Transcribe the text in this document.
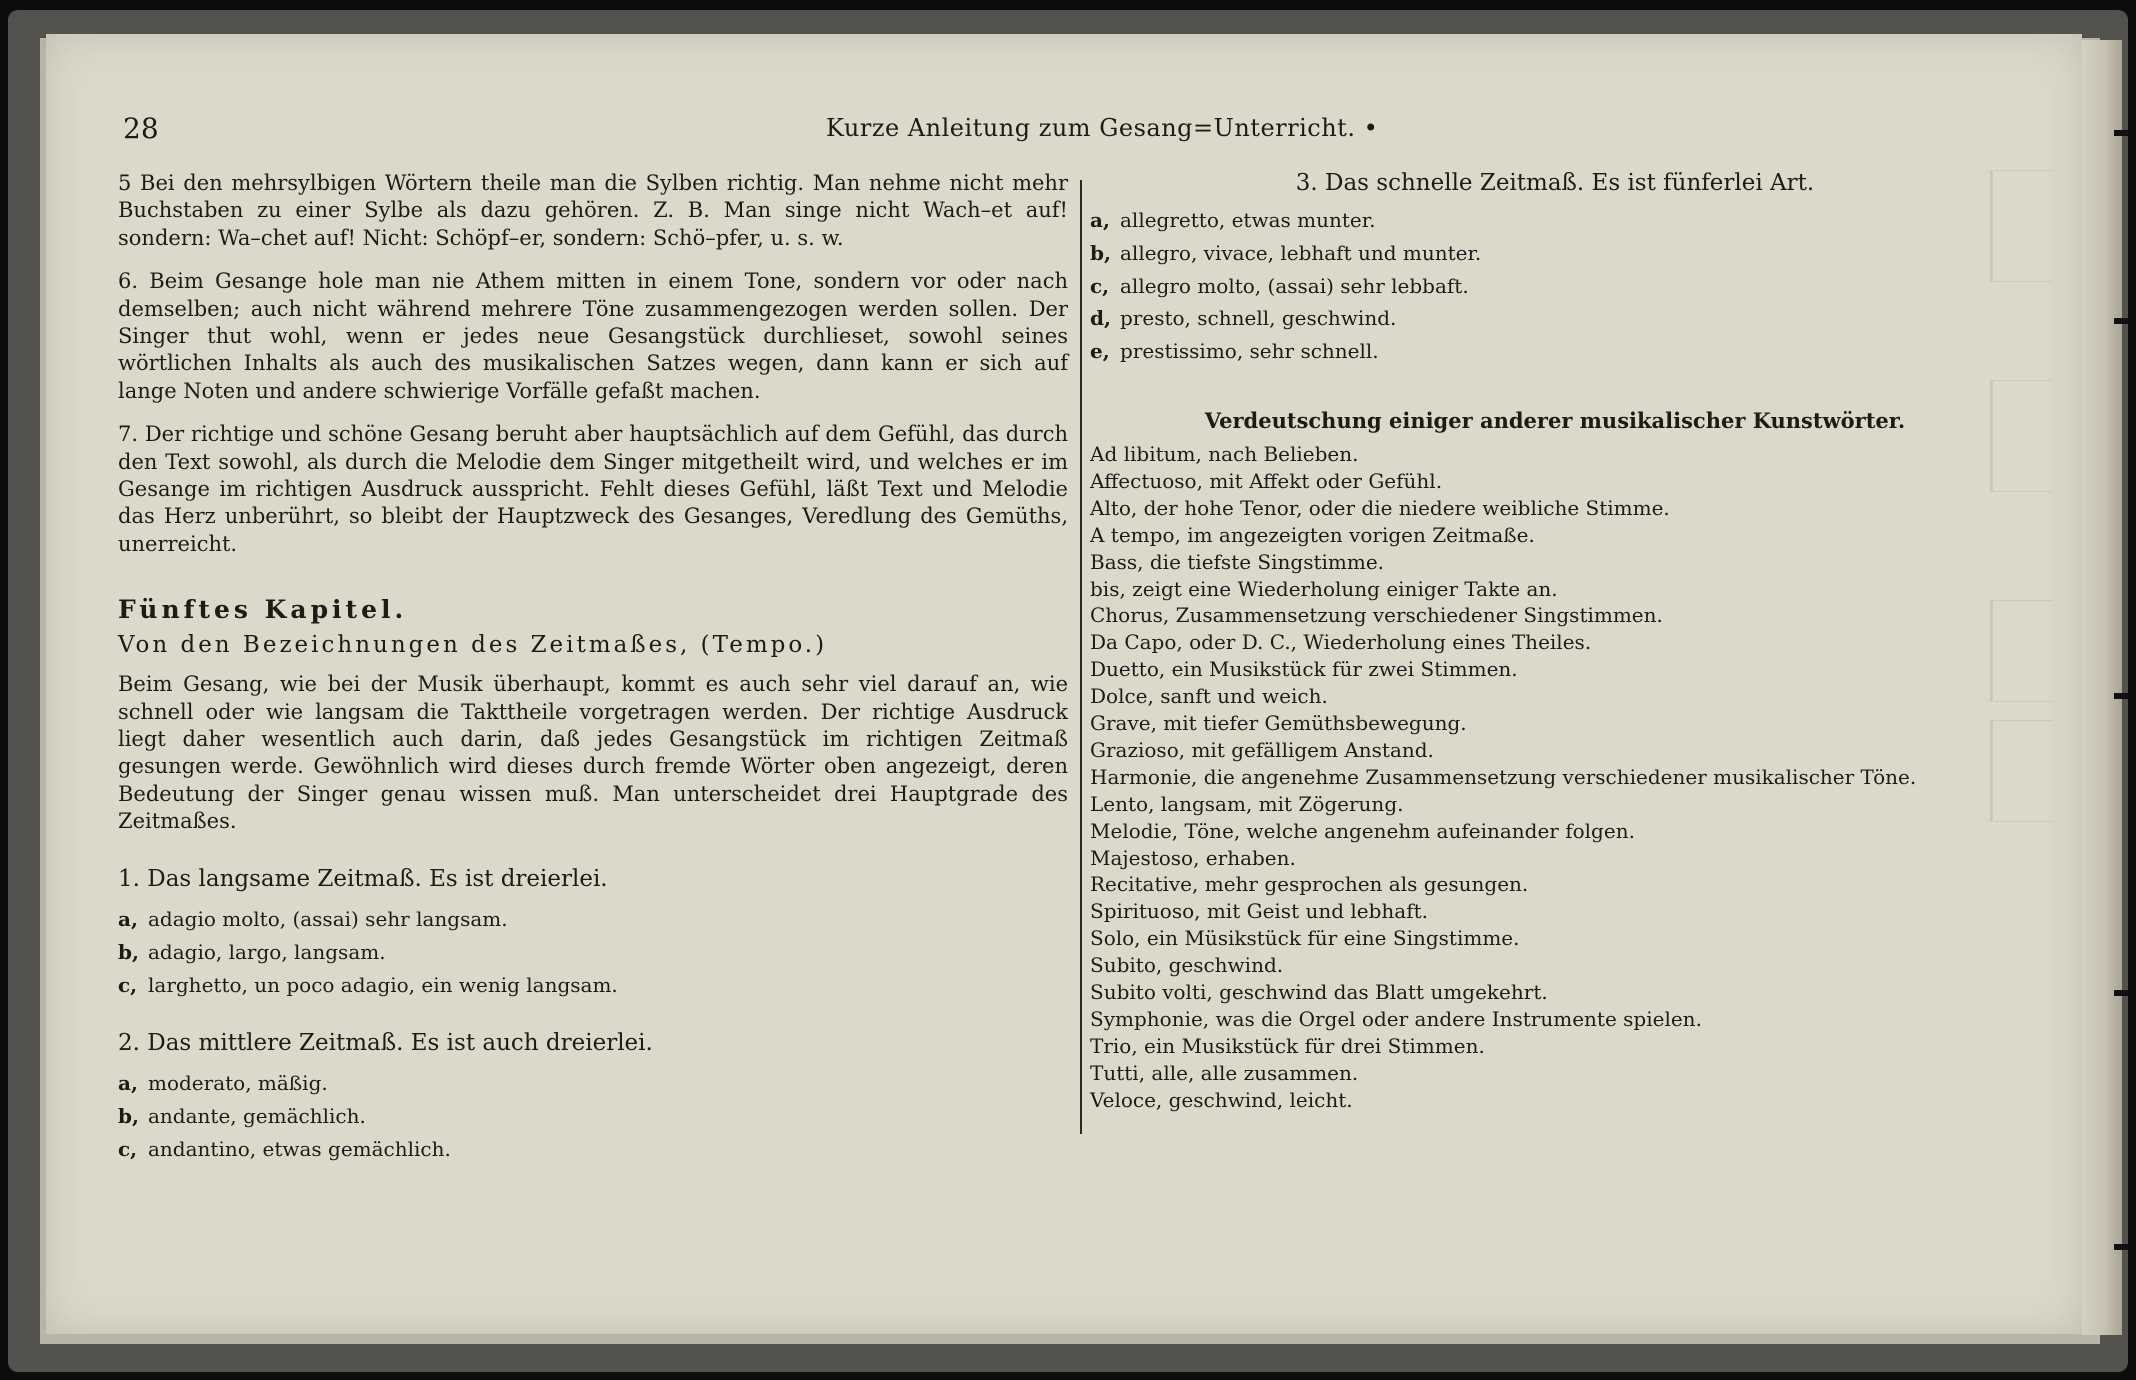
28	Kurze Anleitung zum Gesang=Unterricht. •

5 Bei den mehrsylbigen Wörtern theile man die Sylben richtig. Man nehme nicht mehr Buchstaben zu einer Sylbe als dazu gehören. Z. B. Man singe nicht Wach–et auf! sondern: Wa–chet auf! Nicht: Schöpf–er, sondern: Schö–pfer, u. s. w.

6. Beim Gesange hole man nie Athem mitten in einem Tone, sondern vor oder nach demselben; auch nicht während mehrere Töne zusammengezogen werden sollen. Der Singer thut wohl, wenn er jedes neue Gesangstück durchlieset, sowohl seines wörtlichen Inhalts als auch des musikalischen Satzes wegen, dann kann er sich auf lange Noten und andere schwierige Vorfälle gefaßt machen.

7. Der richtige und schöne Gesang beruht aber hauptsächlich auf dem Gefühl, das durch den Text sowohl, als durch die Melodie dem Singer mitgetheilt wird, und welches er im Gesange im richtigen Ausdruck ausspricht. Fehlt dieses Gefühl, läßt Text und Melodie das Herz unberührt, so bleibt der Hauptzweck des Gesanges, Veredlung des Gemüths, unerreicht.

Fünftes Kapitel.

Von den Bezeichnungen des Zeitmaßes, (Tempo.)

Beim Gesang, wie bei der Musik überhaupt, kommt es auch sehr viel darauf an, wie schnell oder wie langsam die Takttheile vorgetragen werden. Der richtige Ausdruck liegt daher wesentlich auch darin, daß jedes Gesangstück im richtigen Zeitmaß gesungen werde. Gewöhnlich wird dieses durch fremde Wörter oben angezeigt, deren Bedeutung der Singer genau wissen muß. Man unterscheidet drei Hauptgrade des Zeitmaßes.

1. Das langsame Zeitmaß. Es ist dreierlei.

a, adagio molto, (assai) sehr langsam.
b, adagio, largo, langsam.
c, larghetto, un poco adagio, ein wenig langsam.

2. Das mittlere Zeitmaß. Es ist auch dreierlei.

a, moderato, mäßig.
b, andante, gemächlich.
c, andantino, etwas gemächlich.

3. Das schnelle Zeitmaß. Es ist fünferlei Art.

a, allegretto, etwas munter.
b, allegro, vivace, lebhaft und munter.
c, allegro molto, (assai) sehr lebbaft.
d, presto, schnell, geschwind.
e, prestissimo, sehr schnell.

Verdeutschung einiger anderer musikalischer Kunstwörter.

Ad libitum, nach Belieben.
Affectuoso, mit Affekt oder Gefühl.
Alto, der hohe Tenor, oder die niedere weibliche Stimme.
A tempo, im angezeigten vorigen Zeitmaße.
Bass, die tiefste Singstimme.
bis, zeigt eine Wiederholung einiger Takte an.
Chorus, Zusammensetzung verschiedener Singstimmen.
Da Capo, oder D. C., Wiederholung eines Theiles.
Duetto, ein Musikstück für zwei Stimmen.
Dolce, sanft und weich.
Grave, mit tiefer Gemüthsbewegung.
Grazioso, mit gefälligem Anstand.
Harmonie, die angenehme Zusammensetzung verschiedener musikalischer Töne.
Lento, langsam, mit Zögerung.
Melodie, Töne, welche angenehm aufeinander folgen.
Majestoso, erhaben.
Recitative, mehr gesprochen als gesungen.
Spirituoso, mit Geist und lebhaft.
Solo, ein Müsikstück für eine Singstimme.
Subito, geschwind.
Subito volti, geschwind das Blatt umgekehrt.
Symphonie, was die Orgel oder andere Instrumente spielen.
Trio, ein Musikstück für drei Stimmen.
Tutti, alle, alle zusammen.
Veloce, geschwind, leicht.
